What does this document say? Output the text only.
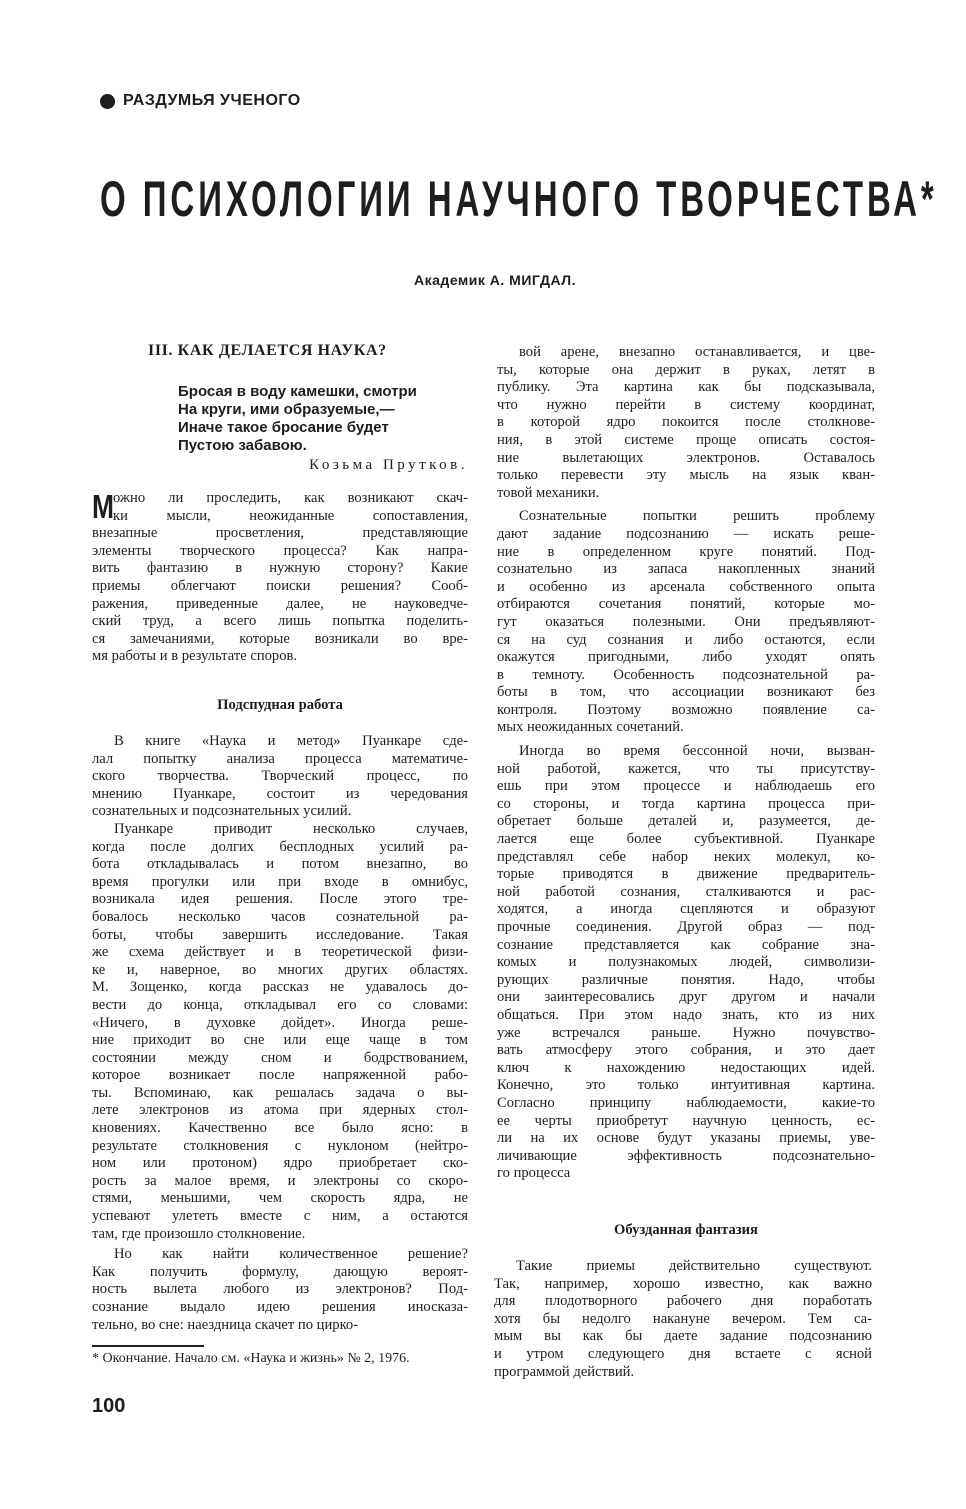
РАЗДУМЬЯ УЧЕНОГО
О ПСИХОЛОГИИ НАУЧНОГО ТВОРЧЕСТВА*
Академик А. МИГДАЛ.
III. КАК ДЕЛАЕТСЯ НАУКА?
Бросая в воду камешки, смотри
На круги, ими образуемые,—
Иначе такое бросание будет
Пустою забавою.
Козьма Прутков.
М ожно ли проследить, как возникают скач-
ки мысли, неожиданные сопоставления,
внезапные просветления, представляющие
элементы творческого процесса? Как напра-
вить фантазию в нужную сторону? Какие
приемы облегчают поиски решения? Сооб-
ражения, приведенные далее, не науковедче-
ский труд, а всего лишь попытка поделить-
ся замечаниями, которые возникали во вре-
мя работы и в результате споров.
Подспудная работа
В книге «Наука и метод» Пуанкаре сде-
лал попытку анализа процесса математиче-
ского творчества. Творческий процесс, по
мнению Пуанкаре, состоит из чередования
сознательных и подсознательных усилий.
Пуанкаре приводит несколько случаев,
когда после долгих бесплодных усилий ра-
бота откладывалась и потом внезапно, во
время прогулки или при входе в омнибус,
возникала идея решения. После этого тре-
бовалось несколько часов сознательной ра-
боты, чтобы завершить исследование. Такая
же схема действует и в теоретической физи-
ке и, наверное, во многих других областях.
М. Зощенко, когда рассказ не удавалось до-
вести до конца, откладывал его со словами:
«Ничего, в духовке дойдет». Иногда реше-
ние приходит во сне или еще чаще в том
состоянии между сном и бодрствованием,
которое возникает после напряженной рабо-
ты. Вспоминаю, как решалась задача о вы-
лете электронов из атома при ядерных стол-
кновениях. Качественно все было ясно: в
результате столкновения с нуклоном (нейтро-
ном или протоном) ядро приобретает ско-
рость за малое время, и электроны со скоро-
стями, меньшими, чем скорость ядра, не
успевают улететь вместе с ним, а остаются
там, где произошло столкновение.
Но как найти количественное решение?
Как получить формулу, дающую вероят-
ность вылета любого из электронов? Под-
сознание выдало идею решения иносказа-
тельно, во сне: наездница скачет по цирко-
* Окончание. Начало см. «Наука и жизнь» № 2, 1976.
100
вой арене, внезапно останавливается, и цве-
ты, которые она держит в руках, летят в
публику. Эта картина как бы подсказывала,
что нужно перейти в систему координат,
в которой ядро покоится после столкнове-
ния, в этой системе проще описать состоя-
ние вылетающих электронов. Оставалось
только перевести эту мысль на язык кван-
товой механики.
Сознательные попытки решить проблему
дают задание подсознанию — искать реше-
ние в определенном круге понятий. Под-
сознательно из запаса накопленных знаний
и особенно из арсенала собственного опыта
отбираются сочетания понятий, которые мо-
гут оказаться полезными. Они предъявляют-
ся на суд сознания и либо остаются, если
окажутся пригодными, либо уходят опять
в темноту. Особенность подсознательной ра-
боты в том, что ассоциации возникают без
контроля. Поэтому возможно появление са-
мых неожиданных сочетаний.
Иногда во время бессонной ночи, вызван-
ной работой, кажется, что ты присутству-
ешь при этом процессе и наблюдаешь его
со стороны, и тогда картина процесса при-
обретает больше деталей и, разумеется, де-
лается еще более субъективной. Пуанкаре
представлял себе набор неких молекул, ко-
торые приводятся в движение предваритель-
ной работой сознания, сталкиваются и рас-
ходятся, а иногда сцепляются и образуют
прочные соединения. Другой образ — под-
сознание представляется как собрание зна-
комых и полузнакомых людей, символизи-
рующих различные понятия. Надо, чтобы
они заинтересовались друг другом и начали
общаться. При этом надо знать, кто из них
уже встречался раньше. Нужно почувство-
вать атмосферу этого собрания, и это дает
ключ к нахождению недостающих идей.
Конечно, это только интуитивная картина.
Согласно принципу наблюдаемости, какие-то
ее черты приобретут научную ценность, ес-
ли на их основе будут указаны приемы, уве-
личивающие эффективность подсознательно-
го процесса
Обузданная фантазия
Такие приемы действительно существуют.
Так, например, хорошо известно, как важно
для плодотворного рабочего дня поработать
хотя бы недолго накануне вечером. Тем са-
мым вы как бы даете задание подсознанию
и утром следующего дня встаете с ясной
программой действий.
